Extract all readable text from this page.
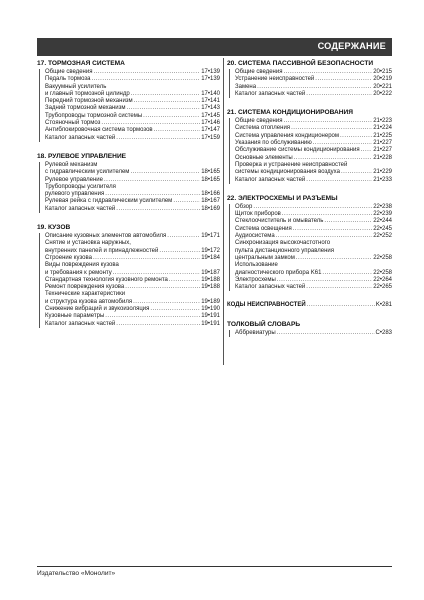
СОДЕРЖАНИЕ
17. ТОРМОЗНАЯ СИСТЕМА
Общие сведения .....	17•139
Педаль тормоза .....	17•139
Вакуумный усилитель
и главный тормозной цилиндр .....	17•140
Передний тормозной механизм .....	17•141
Задний тормозной механизм .....	17•143
Трубопроводы тормозной системы .....	17•145
Стояночный тормоз .....	17•146
Антиблокировочная система тормозов .....	17•147
Каталог запасных частей .....	17•159
18. РУЛЕВОЕ УПРАВЛЕНИЕ
Рулевой механизм
с гидравлическим усилителем .....	18•165
Рулевое управление .....	18•165
Трубопроводы усилителя
рулевого управления .....	18•166
Рулевая рейка с гидравлическим усилителем .....	18•167
Каталог запасных частей .....	18•169
19. КУЗОВ
Описание кузовных элементов автомобиля .....	19•171
Снятие и установка наружных,
внутренних панелей и принадлежностей .....	19•172
Строение кузова .....	19•184
Виды повреждения кузова
и требования к ремонту .....	19•187
Стандартная технология кузовного ремонта .....	19•188
Ремонт повреждения кузова .....	19•188
Технические характеристики
и структура кузова автомобиля .....	19•189
Снижение вибраций и звукоизоляция .....	19•190
Кузовные параметры .....	19•191
Каталог запасных частей .....	19•191
20. СИСТЕМА ПАССИВНОЙ БЕЗОПАСНОСТИ
Общие сведения .....	20•215
Устранение неисправностей .....	20•219
Замена .....	20•221
Каталог запасных частей .....	20•222
21. СИСТЕМА КОНДИЦИОНИРОВАНИЯ
Общие сведения .....	21•223
Система отопления .....	21•224
Система управления кондиционером .....	21•225
Указания по обслуживанию .....	21•227
Обслуживание системы кондиционирования ..... 21•227
Основные элементы .....	21•228
Проверка и устранение неисправностей
системы кондиционирования воздуха .....	21•229
Каталог запасных частей .....	21•233
22. ЭЛЕКТРОСХЕМЫ И РАЗЪЕМЫ
Обзор .....	22•238
Щиток приборов .....	22•239
Стеклоочиститель и омыватель .....	22•244
Система освещения .....	22•245
Аудиосистема .....	22•252
Синхронизация высокочастотного
пульта дистанционного управления
центральным замком .....	22•258
Использование
диагностического прибора K61 .....	22•258
Электросхемы .....	22•264
Каталог запасных частей .....	22•265
КОДЫ НЕИСПРАВНОСТЕЙ .....	K•281
ТОЛКОВЫЙ СЛОВАРЬ
Аббревиатуры .....	С•283
Издательство «Монолит»
